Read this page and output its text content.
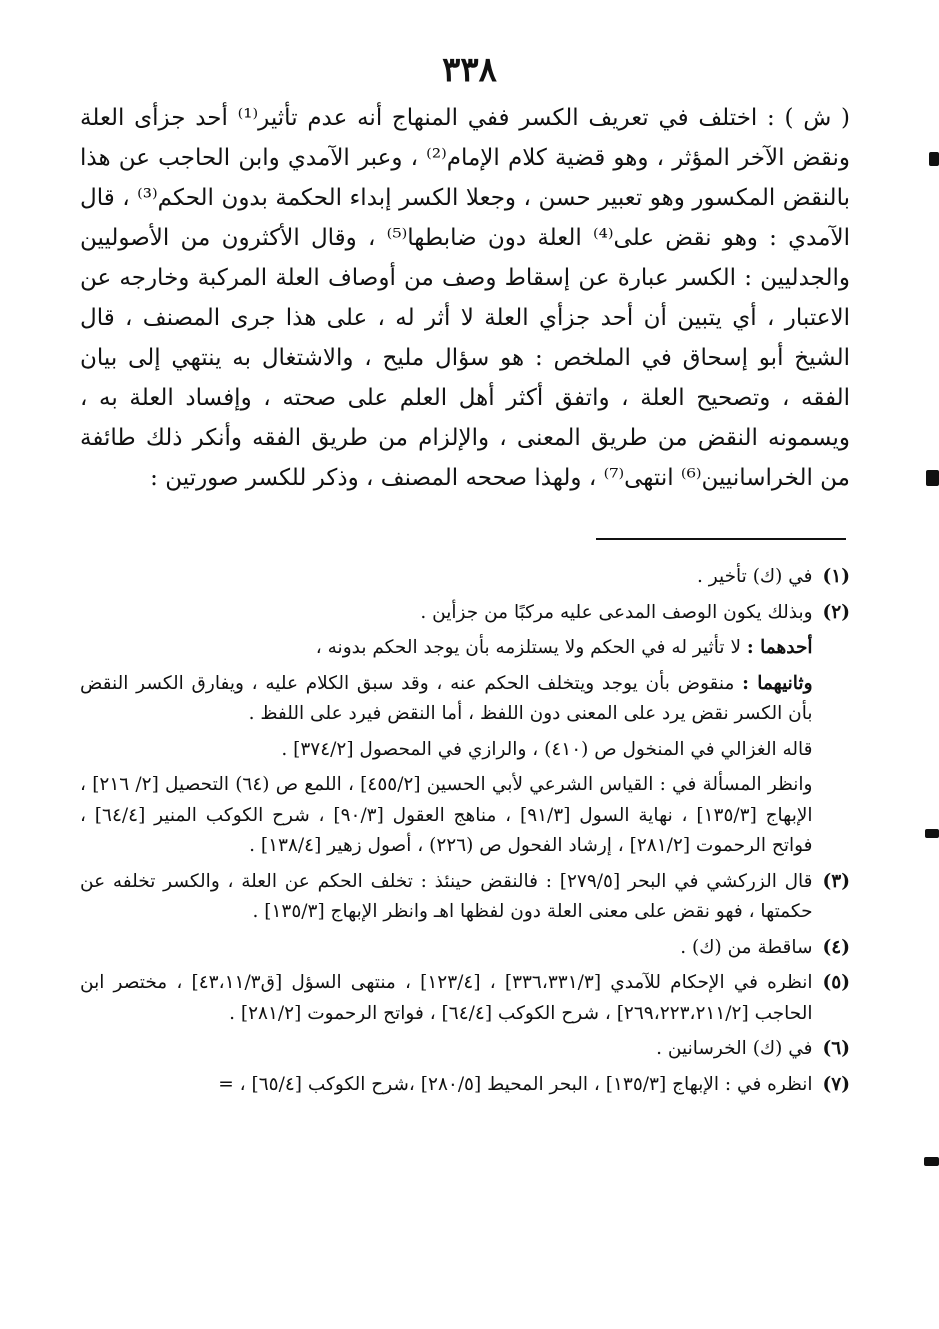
٣٣٨

( ش ) : اختلف في تعريف الكسر ففي المنهاج أنه عدم تأثير⁽¹⁾ أحد جزأى العلة ونقض الآخر المؤثر ، وهو قضية كلام الإمام⁽²⁾ ، وعبر الآمدي وابن الحاجب عن هذا بالنقض المكسور وهو تعبير حسن ، وجعلا الكسر إبداء الحكمة بدون الحكم⁽³⁾ ، قال الآمدي : وهو نقض على⁽⁴⁾ العلة دون ضابطها⁽⁵⁾ ، وقال الأكثرون من الأصوليين والجدليين : الكسر عبارة عن إسقاط وصف من أوصاف العلة المركبة وخارجه عن الاعتبار ، أي يتبين أن أحد جزأي العلة لا أثر له ، على هذا جرى المصنف ، قال الشيخ أبو إسحاق في الملخص : هو سؤال مليح ، والاشتغال به ينتهي إلى بيان الفقه ، وتصحيح العلة ، واتفق أكثر أهل العلم على صحته ، وإفساد العلة به ، ويسمونه النقض من طريق المعنى ، والإلزام من طريق الفقه وأنكر ذلك طائفة من الخراسانيين⁽⁶⁾ انتهى⁽⁷⁾ ، ولهذا صححه المصنف ، وذكر للكسر صورتين :

(١)

في (ك) تأخير .

(٢)

وبذلك يكون الوصف المدعى عليه مركبًا من جزأين .

أحدهما : لا تأثير له في الحكم ولا يستلزمه بأن يوجد الحكم بدونه ،

وثانيهما : منقوض بأن يوجد ويتخلف الحكم عنه ، وقد سبق الكلام عليه ، ويفارق الكسر النقض بأن الكسر نقض يرد على المعنى دون اللفظ ، أما النقض فيرد على اللفظ .

قاله الغزالي في المنخول ص (٤١٠) ، والرازي في المحصول [٣٧٤/٢] .

وانظر المسألة في : القياس الشرعي لأبي الحسين [٤٥٥/٢] ، اللمع ص (٦٤) التحصيل [٢/ ٢١٦] ، الإبهاج [١٣٥/٣] ، نهاية السول [٩١/٣] ، مناهج العقول [٩٠/٣] ، شرح الكوكب المنير [٦٤/٤] ، فواتح الرحموت [٢٨١/٢] ، إرشاد الفحول ص (٢٢٦) ، أصول زهير [١٣٨/٤] .

(٣)

قال الزركشي في البحر [٢٧٩/٥] : فالنقض حينئذ : تخلف الحكم عن العلة ، والكسر تخلفه عن حكمتها ، فهو نقض على معنى العلة دون لفظها اهـ وانظر الإبهاج [١٣٥/٣] .

(٤)

ساقطة من (ك) .

(٥)

انظره في الإحكام للآمدي [٣٣٦،٣٣١/٣] ، [١٢٣/٤] ، منتهى السؤل [ق٤٣،١١/٣] ، مختصر ابن الحاجب [٢٦٩،٢٢٣،٢١١/٢] ، شرح الكوكب [٦٤/٤] ، فواتح الرحموت [٢٨١/٢] .

(٦)

في (ك) الخرسانين .

(٧)

انظره في : الإبهاج [١٣٥/٣] ، البحر المحيط [٢٨٠/٥] ،شرح الكوكب [٦٥/٤] ، =
